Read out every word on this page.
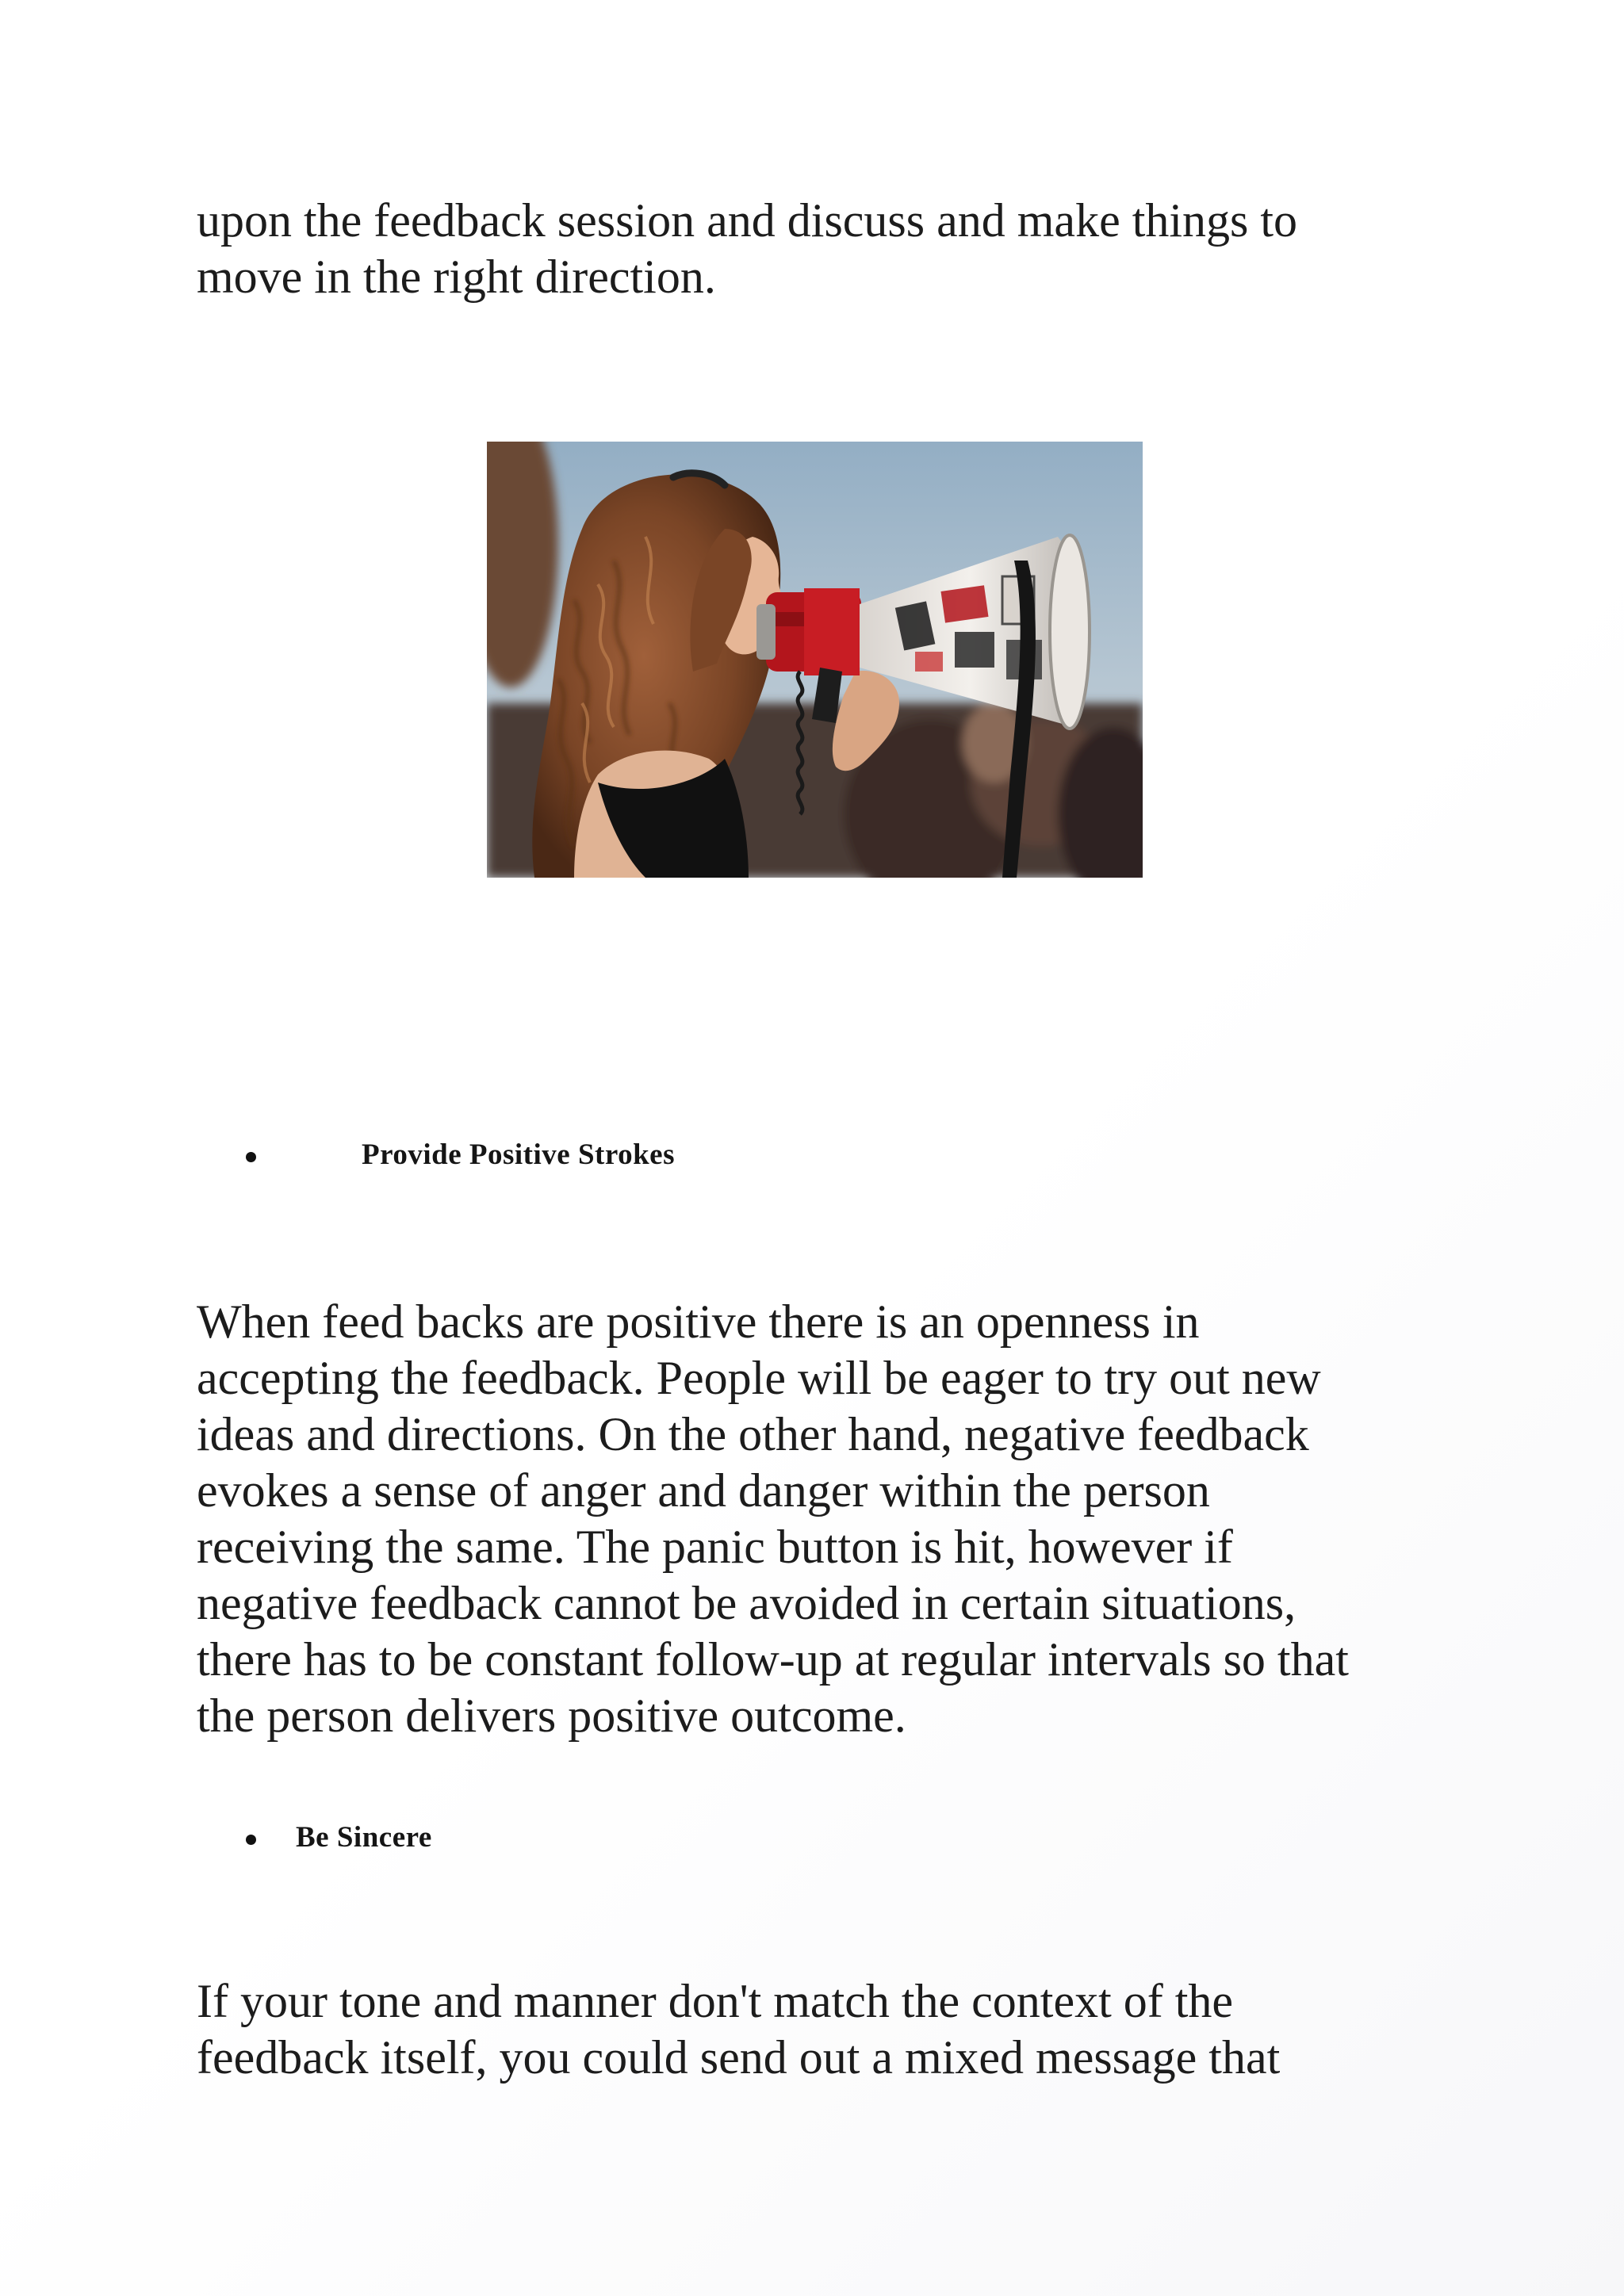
upon the feedback session and discuss and make things to
move in the right direction.

Provide Positive Strokes

When feed backs are positive there is an openness in
accepting the feedback. People will be eager to try out new
ideas and directions. On the other hand, negative feedback
evokes a sense of anger and danger within the person
receiving the same. The panic button is hit, however if
negative feedback cannot be avoided in certain situations,
there has to be constant follow-up at regular intervals so that
the person delivers positive outcome.

Be Sincere

If your tone and manner don't match the context of the
feedback itself, you could send out a mixed message that
